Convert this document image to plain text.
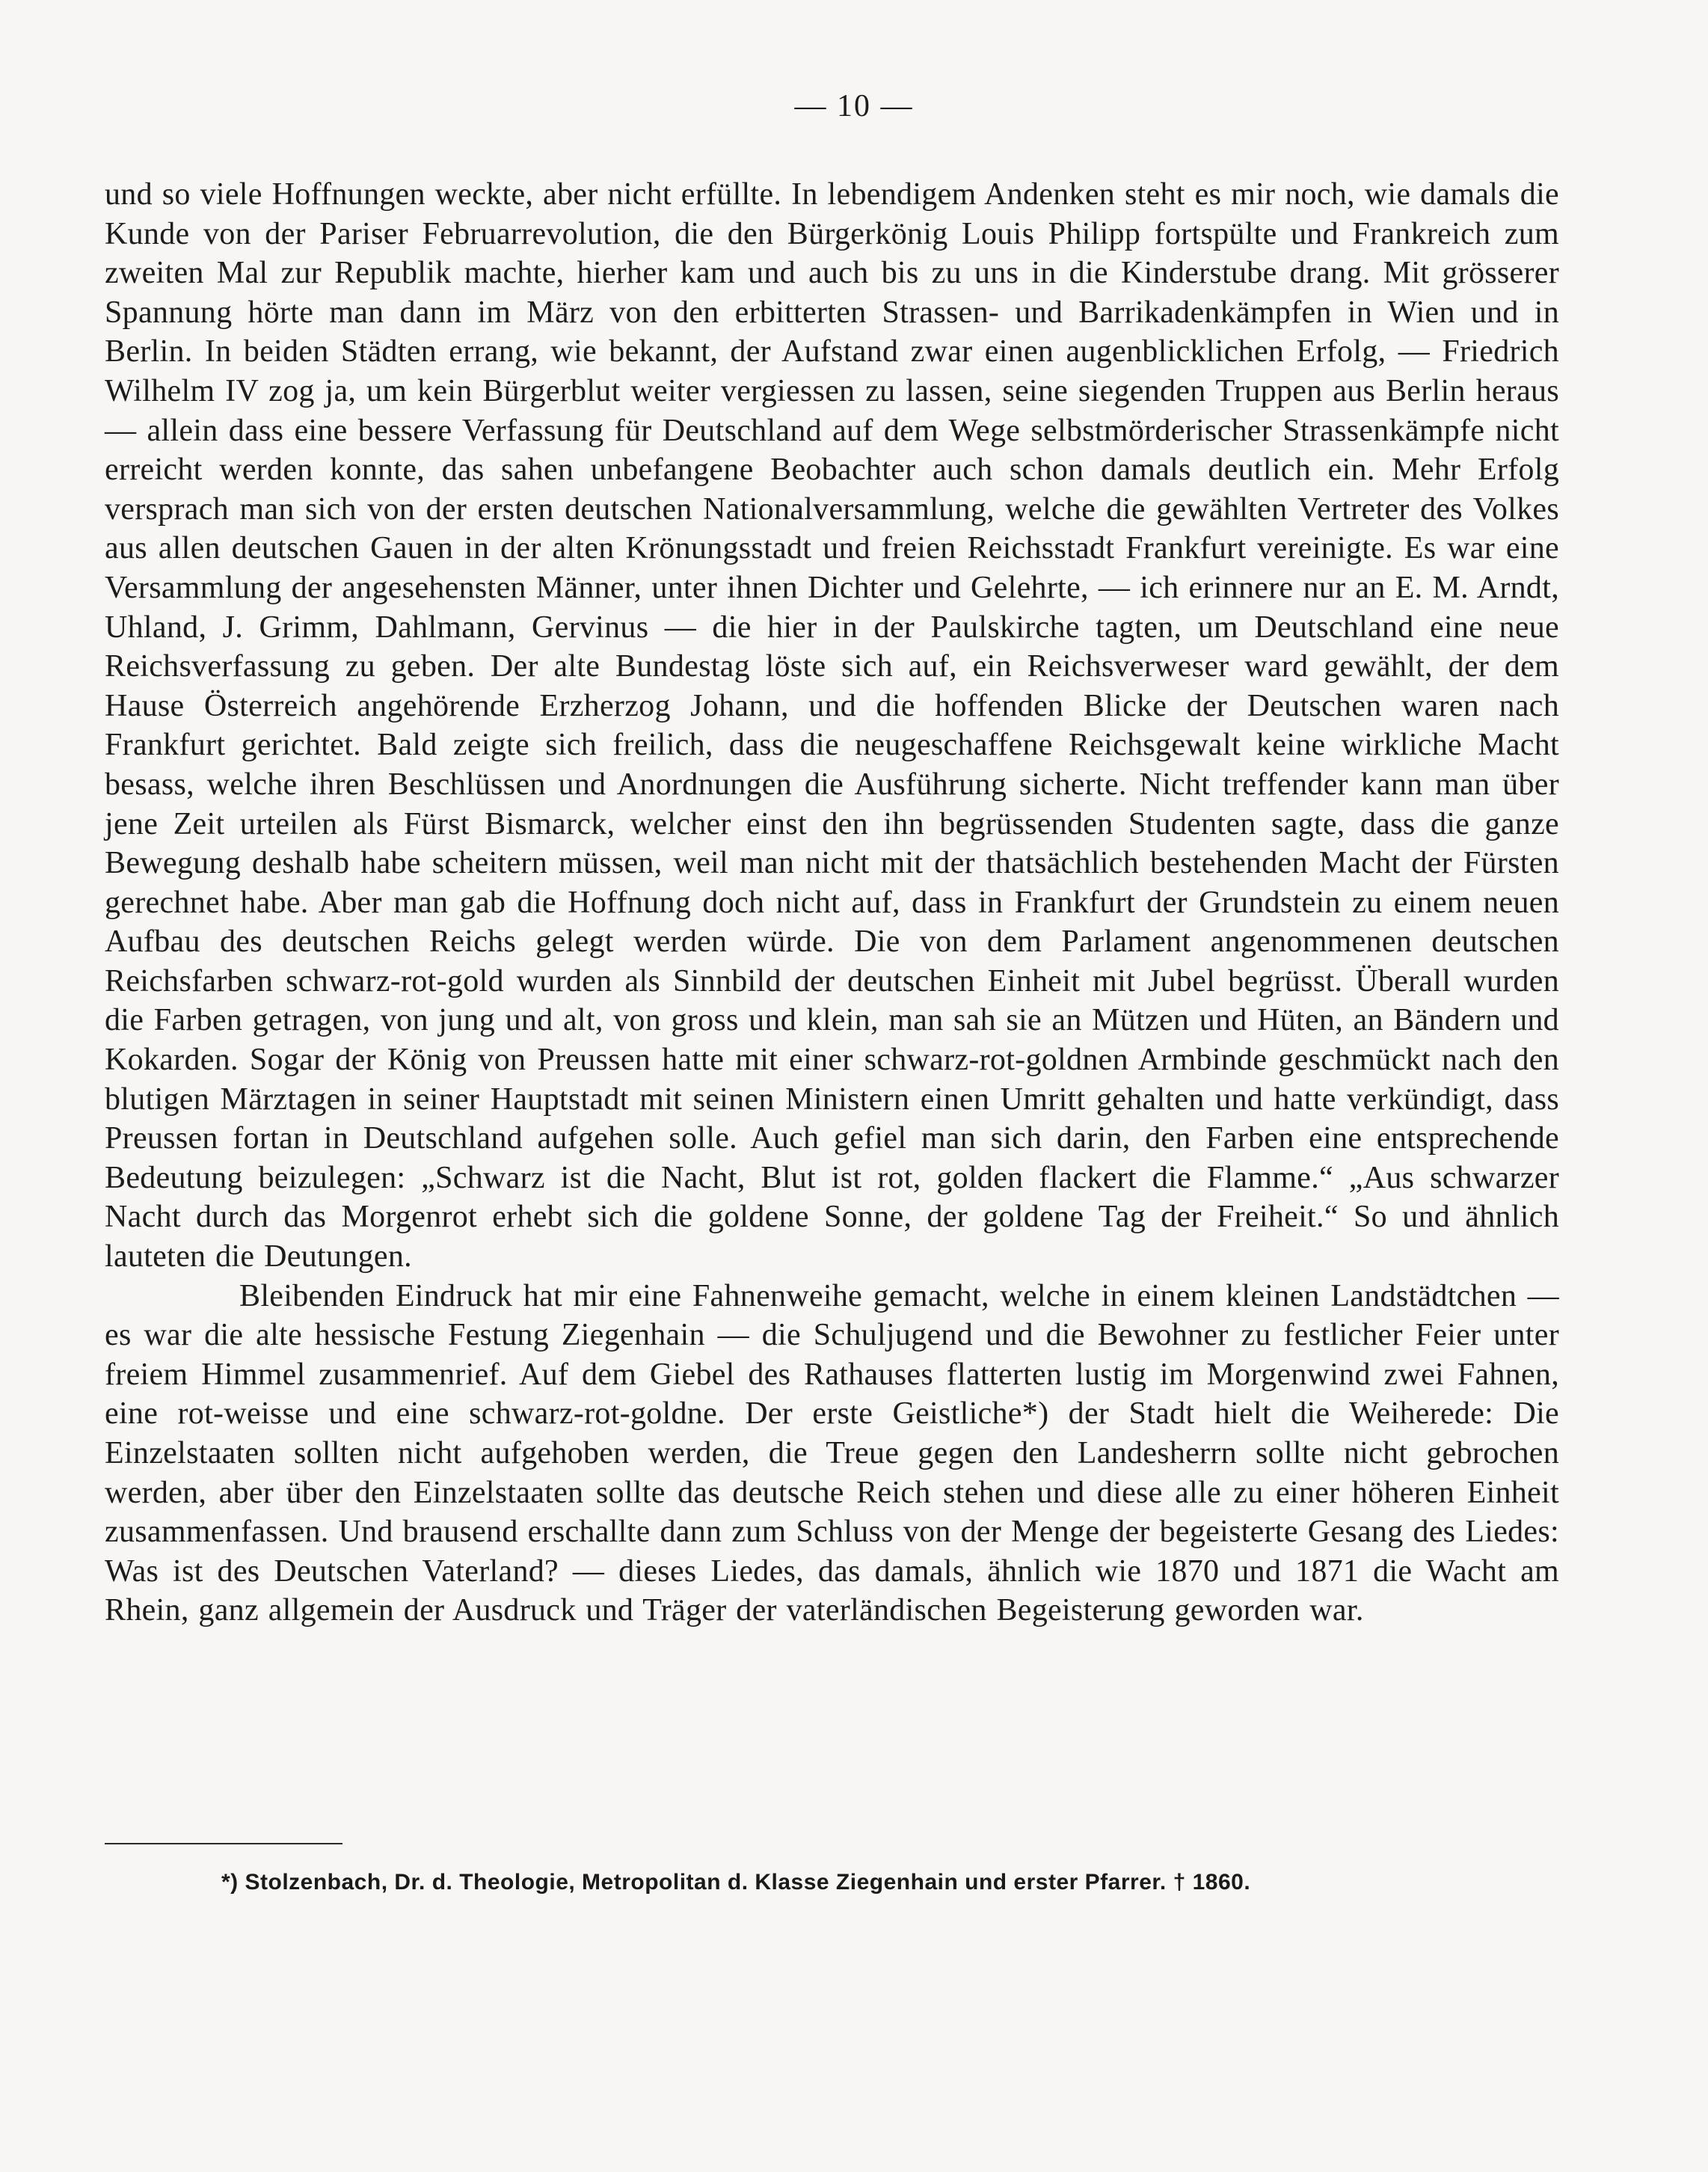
— 10 —

und so viele Hoffnungen weckte, aber nicht erfüllte. In lebendigem Andenken steht es mir noch, wie damals die Kunde von der Pariser Februarrevolution, die den Bürgerkönig Louis Philipp fortspülte und Frankreich zum zweiten Mal zur Republik machte, hierher kam und auch bis zu uns in die Kinderstube drang. Mit grösserer Spannung hörte man dann im März von den erbitterten Strassen- und Barrikadenkämpfen in Wien und in Berlin. In beiden Städten errang, wie bekannt, der Aufstand zwar einen augenblicklichen Erfolg, — Friedrich Wilhelm IV zog ja, um kein Bürgerblut weiter vergiessen zu lassen, seine siegenden Truppen aus Berlin heraus — allein dass eine bessere Verfassung für Deutschland auf dem Wege selbstmörderischer Strassenkämpfe nicht erreicht werden konnte, das sahen unbefangene Beobachter auch schon damals deutlich ein. Mehr Erfolg versprach man sich von der ersten deutschen Nationalversammlung, welche die gewählten Vertreter des Volkes aus allen deutschen Gauen in der alten Krönungsstadt und freien Reichsstadt Frankfurt vereinigte. Es war eine Versammlung der angesehensten Männer, unter ihnen Dichter und Gelehrte, — ich erinnere nur an E. M. Arndt, Uhland, J. Grimm, Dahlmann, Gervinus — die hier in der Paulskirche tagten, um Deutschland eine neue Reichsverfassung zu geben. Der alte Bundestag löste sich auf, ein Reichsverweser ward gewählt, der dem Hause Österreich angehörende Erzherzog Johann, und die hoffenden Blicke der Deutschen waren nach Frankfurt gerichtet. Bald zeigte sich freilich, dass die neugeschaffene Reichsgewalt keine wirkliche Macht besass, welche ihren Beschlüssen und Anordnungen die Ausführung sicherte. Nicht treffender kann man über jene Zeit urteilen als Fürst Bismarck, welcher einst den ihn begrüssenden Studenten sagte, dass die ganze Bewegung deshalb habe scheitern müssen, weil man nicht mit der thatsächlich bestehenden Macht der Fürsten gerechnet habe. Aber man gab die Hoffnung doch nicht auf, dass in Frankfurt der Grundstein zu einem neuen Aufbau des deutschen Reichs gelegt werden würde. Die von dem Parlament angenommenen deutschen Reichsfarben schwarz-rot-gold wurden als Sinnbild der deutschen Einheit mit Jubel begrüsst. Überall wurden die Farben getragen, von jung und alt, von gross und klein, man sah sie an Mützen und Hüten, an Bändern und Kokarden. Sogar der König von Preussen hatte mit einer schwarz-rot-goldnen Armbinde geschmückt nach den blutigen Märztagen in seiner Hauptstadt mit seinen Ministern einen Umritt gehalten und hatte verkündigt, dass Preussen fortan in Deutschland aufgehen solle. Auch gefiel man sich darin, den Farben eine entsprechende Bedeutung beizulegen: „Schwarz ist die Nacht, Blut ist rot, golden flackert die Flamme.“ „Aus schwarzer Nacht durch das Morgenrot erhebt sich die goldene Sonne, der goldene Tag der Freiheit.“ So und ähnlich lauteten die Deutungen.

Bleibenden Eindruck hat mir eine Fahnenweihe gemacht, welche in einem kleinen Landstädtchen — es war die alte hessische Festung Ziegenhain — die Schuljugend und die Bewohner zu festlicher Feier unter freiem Himmel zusammenrief. Auf dem Giebel des Rathauses flatterten lustig im Morgenwind zwei Fahnen, eine rot-weisse und eine schwarz-rot-goldne. Der erste Geistliche*) der Stadt hielt die Weiherede: Die Einzelstaaten sollten nicht aufgehoben werden, die Treue gegen den Landesherrn sollte nicht gebrochen werden, aber über den Einzelstaaten sollte das deutsche Reich stehen und diese alle zu einer höheren Einheit zusammenfassen. Und brausend erschallte dann zum Schluss von der Menge der begeisterte Gesang des Liedes: Was ist des Deutschen Vaterland? — dieses Liedes, das damals, ähnlich wie 1870 und 1871 die Wacht am Rhein, ganz allgemein der Ausdruck und Träger der vaterländischen Begeisterung geworden war.

*) Stolzenbach, Dr. d. Theologie, Metropolitan d. Klasse Ziegenhain und erster Pfarrer. † 1860.
